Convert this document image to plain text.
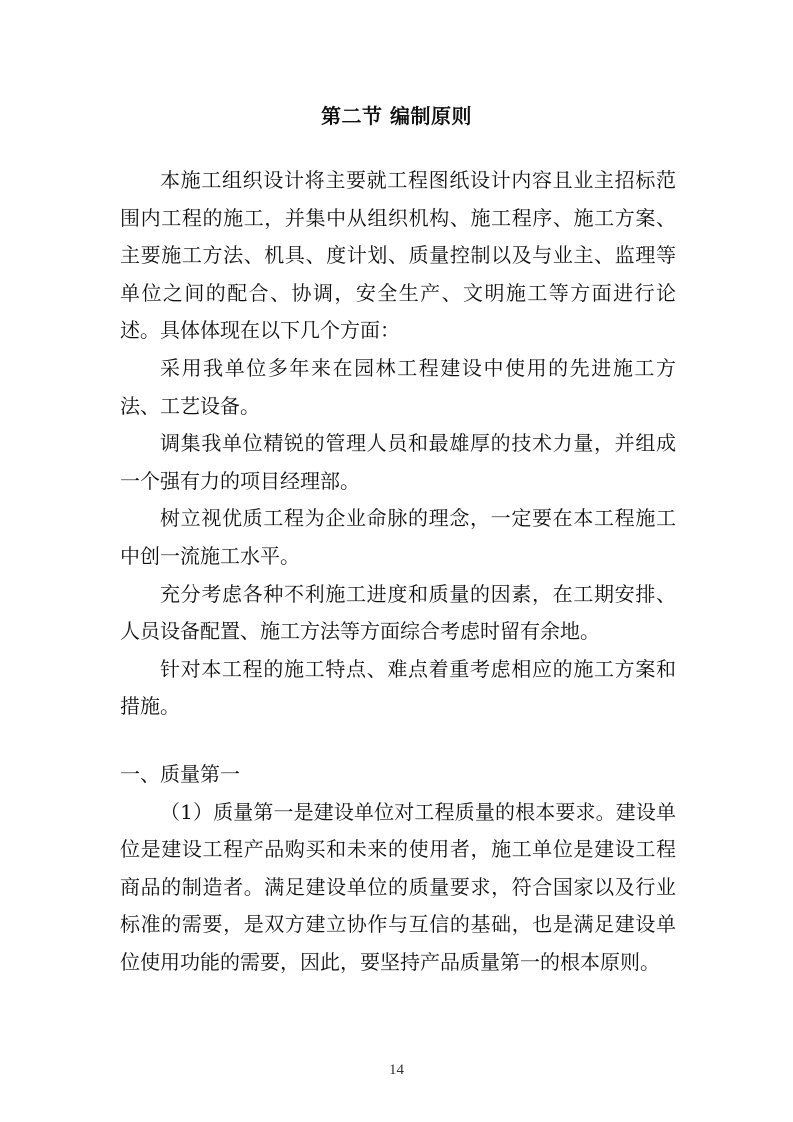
第二节 编制原则

本施工组织设计将主要就工程图纸设计内容且业主招标范围内工程的施工，并集中从组织机构、施工程序、施工方案、主要施工方法、机具、度计划、质量控制以及与业主、监理等单位之间的配合、协调，安全生产、文明施工等方面进行论述。具体体现在以下几个方面：

采用我单位多年来在园林工程建设中使用的先进施工方法、工艺设备。

调集我单位精锐的管理人员和最雄厚的技术力量，并组成一个强有力的项目经理部。

树立视优质工程为企业命脉的理念，一定要在本工程施工中创一流施工水平。

充分考虑各种不利施工进度和质量的因素，在工期安排、人员设备配置、施工方法等方面综合考虑时留有余地。

针对本工程的施工特点、难点着重考虑相应的施工方案和措施。

一、质量第一

（1）质量第一是建设单位对工程质量的根本要求。建设单位是建设工程产品购买和未来的使用者，施工单位是建设工程商品的制造者。满足建设单位的质量要求，符合国家以及行业标准的需要，是双方建立协作与互信的基础，也是满足建设单位使用功能的需要，因此，要坚持产品质量第一的根本原则。

14
